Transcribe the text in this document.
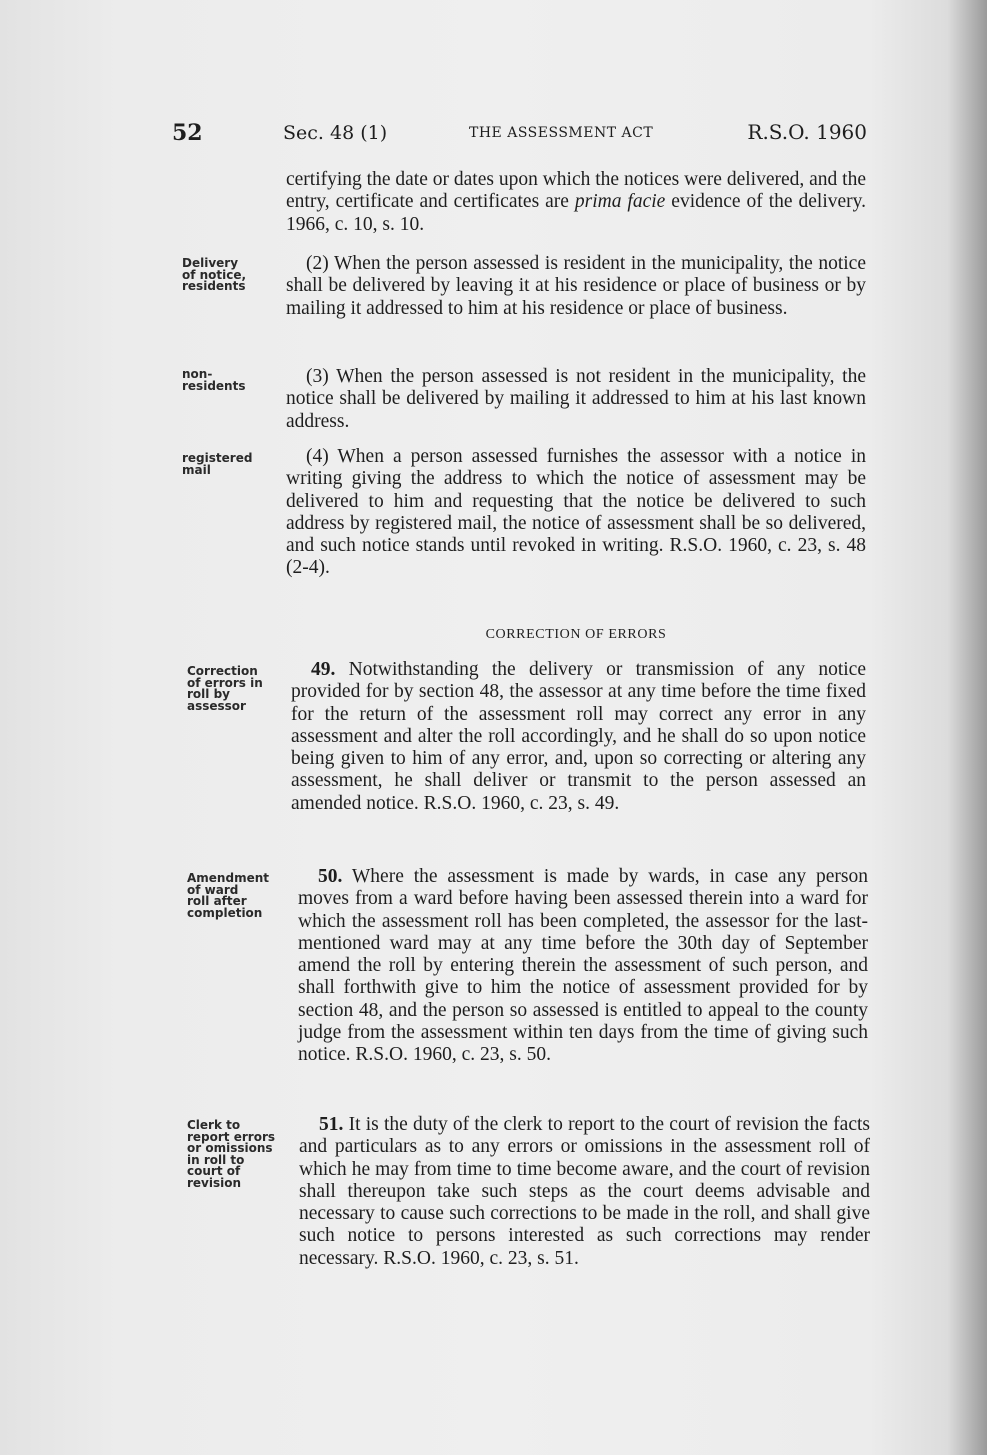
52	Sec. 48 (1)	THE ASSESSMENT ACT	R.S.O. 1960
Delivery
of notice,
residents
non-
residents
registered
mail
Correction
of errors in
roll by
assessor
Amendment
of ward
roll after
completion
Clerk to
report errors
or omissions
in roll to
court of
revision

certifying the date or dates upon which the notices were delivered, and the entry, certificate and certificates are prima facie evidence of the delivery. 1966, c. 10, s. 10.

(2) When the person assessed is resident in the municipality, the notice shall be delivered by leaving it at his residence or place of business or by mailing it addressed to him at his residence or place of business.

(3) When the person assessed is not resident in the municipality, the notice shall be delivered by mailing it addressed to him at his last known address.

(4) When a person assessed furnishes the assessor with a notice in writing giving the address to which the notice of assessment may be delivered to him and requesting that the notice be delivered to such address by registered mail, the notice of assessment shall be so delivered, and such notice stands until revoked in writing. R.S.O. 1960, c. 23, s. 48 (2-4).

CORRECTION OF ERRORS

49. Notwithstanding the delivery or transmission of any notice provided for by section 48, the assessor at any time before the time fixed for the return of the assessment roll may correct any error in any assessment and alter the roll accordingly, and he shall do so upon notice being given to him of any error, and, upon so correcting or altering any assessment, he shall deliver or transmit to the person assessed an amended notice. R.S.O. 1960, c. 23, s. 49.

50. Where the assessment is made by wards, in case any person moves from a ward before having been assessed therein into a ward for which the assessment roll has been completed, the assessor for the last-mentioned ward may at any time before the 30th day of September amend the roll by entering therein the assessment of such person, and shall forthwith give to him the notice of assessment provided for by section 48, and the person so assessed is entitled to appeal to the county judge from the assessment within ten days from the time of giving such notice. R.S.O. 1960, c. 23, s. 50.

51. It is the duty of the clerk to report to the court of revision the facts and particulars as to any errors or omissions in the assessment roll of which he may from time to time become aware, and the court of revision shall thereupon take such steps as the court deems advisable and necessary to cause such corrections to be made in the roll, and shall give such notice to persons interested as such corrections may render necessary. R.S.O. 1960, c. 23, s. 51.
